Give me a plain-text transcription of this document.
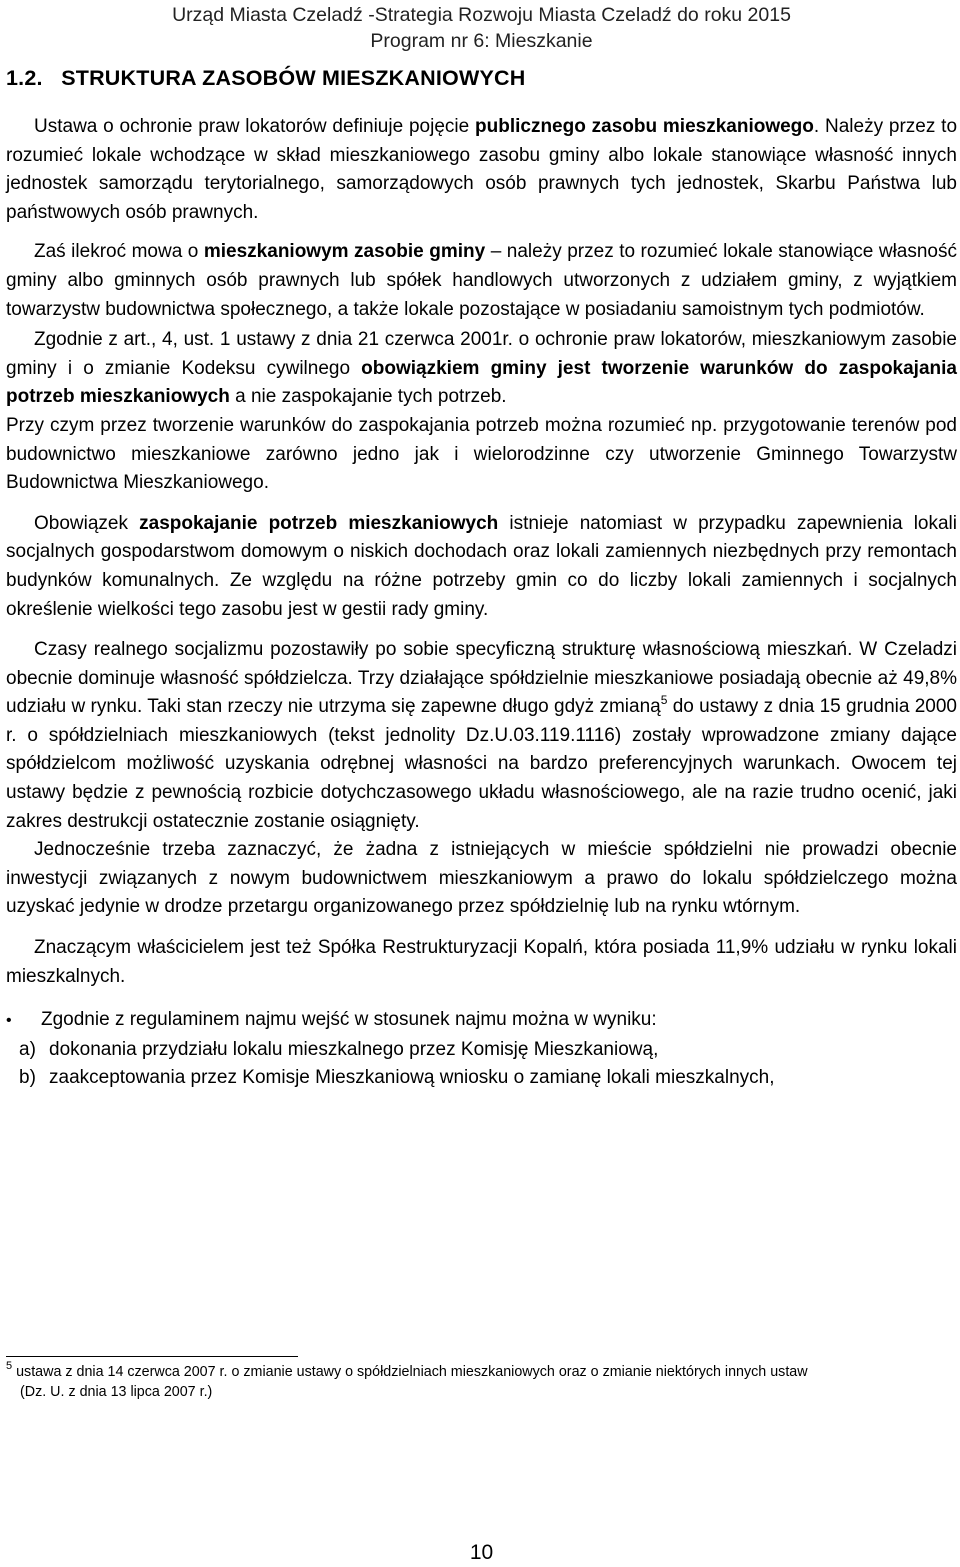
Urząd Miasta Czeladź -Strategia Rozwoju Miasta Czeladź do roku 2015
Program nr 6: Mieszkanie
1.2. STRUKTURA ZASOBÓW MIESZKANIOWYCH

Ustawa o ochronie praw lokatorów definiuje pojęcie publicznego zasobu mieszkaniowego. Należy przez to rozumieć lokale wchodzące w skład mieszkaniowego zasobu gminy albo lokale stanowiące własność innych jednostek samorządu terytorialnego, samorządowych osób prawnych tych jednostek, Skarbu Państwa lub państwowych osób prawnych.

Zaś ilekroć mowa o mieszkaniowym zasobie gminy – należy przez to rozumieć lokale stanowiące własność gminy albo gminnych osób prawnych lub spółek handlowych utworzonych z udziałem gminy, z wyjątkiem towarzystw budownictwa społecznego, a także lokale pozostające w posiadaniu samoistnym tych podmiotów.

Zgodnie z art., 4, ust. 1 ustawy z dnia 21 czerwca 2001r. o ochronie praw lokatorów, mieszkaniowym zasobie gminy i o zmianie Kodeksu cywilnego obowiązkiem gminy jest tworzenie warunków do zaspokajania potrzeb mieszkaniowych a nie zaspokajanie tych potrzeb.

Przy czym przez tworzenie warunków do zaspokajania potrzeb można rozumieć np. przygotowanie terenów pod budownictwo mieszkaniowe zarówno jedno jak i wielorodzinne czy utworzenie Gminnego Towarzystw Budownictwa Mieszkaniowego.

Obowiązek zaspokajanie potrzeb mieszkaniowych istnieje natomiast w przypadku zapewnienia lokali socjalnych gospodarstwom domowym o niskich dochodach oraz lokali zamiennych niezbędnych przy remontach budynków komunalnych. Ze względu na różne potrzeby gmin co do liczby lokali zamiennych i socjalnych określenie wielkości tego zasobu jest w gestii rady gminy.

Czasy realnego socjalizmu pozostawiły po sobie specyficzną strukturę własnościową mieszkań. W Czeladzi obecnie dominuje własność spółdzielcza. Trzy działające spółdzielnie mieszkaniowe posiadają obecnie aż 49,8% udziału w rynku. Taki stan rzeczy nie utrzyma się zapewne długo gdyż zmianą$^5$ do ustawy z dnia 15 grudnia 2000 r. o spółdzielniach mieszkaniowych (tekst jednolity Dz.U.03.119.1116) zostały wprowadzone zmiany dające spółdzielcom możliwość uzyskania odrębnej własności na bardzo preferencyjnych warunkach. Owocem tej ustawy będzie z pewnością rozbicie dotychczasowego układu własnościowego, ale na razie trudno ocenić, jaki zakres destrukcji ostatecznie zostanie osiągnięty.

Jednocześnie trzeba zaznaczyć, że żadna z istniejących w mieście spółdzielni nie prowadzi obecnie inwestycji związanych z nowym budownictwem mieszkaniowym a prawo do lokalu spółdzielczego można uzyskać jedynie w drodze przetargu organizowanego przez spółdzielnię lub na rynku wtórnym.

Znaczącym właścicielem jest też Spółka Restrukturyzacji Kopalń, która posiada 11,9% udziału w rynku lokali mieszkalnych.

•	Zgodnie z regulaminem najmu wejść w stosunek najmu można w wyniku:
a) dokonania przydziału lokalu mieszkalnego przez Komisję Mieszkaniową,
b) zaakceptowania przez Komisje Mieszkaniową wniosku o zamianę lokali mieszkalnych,
$^5$ ustawa z dnia 14 czerwca 2007 r. o zmianie ustawy o spółdzielniach mieszkaniowych oraz o zmianie niektórych innych ustaw
(Dz. U. z dnia 13 lipca 2007 r.)
10
